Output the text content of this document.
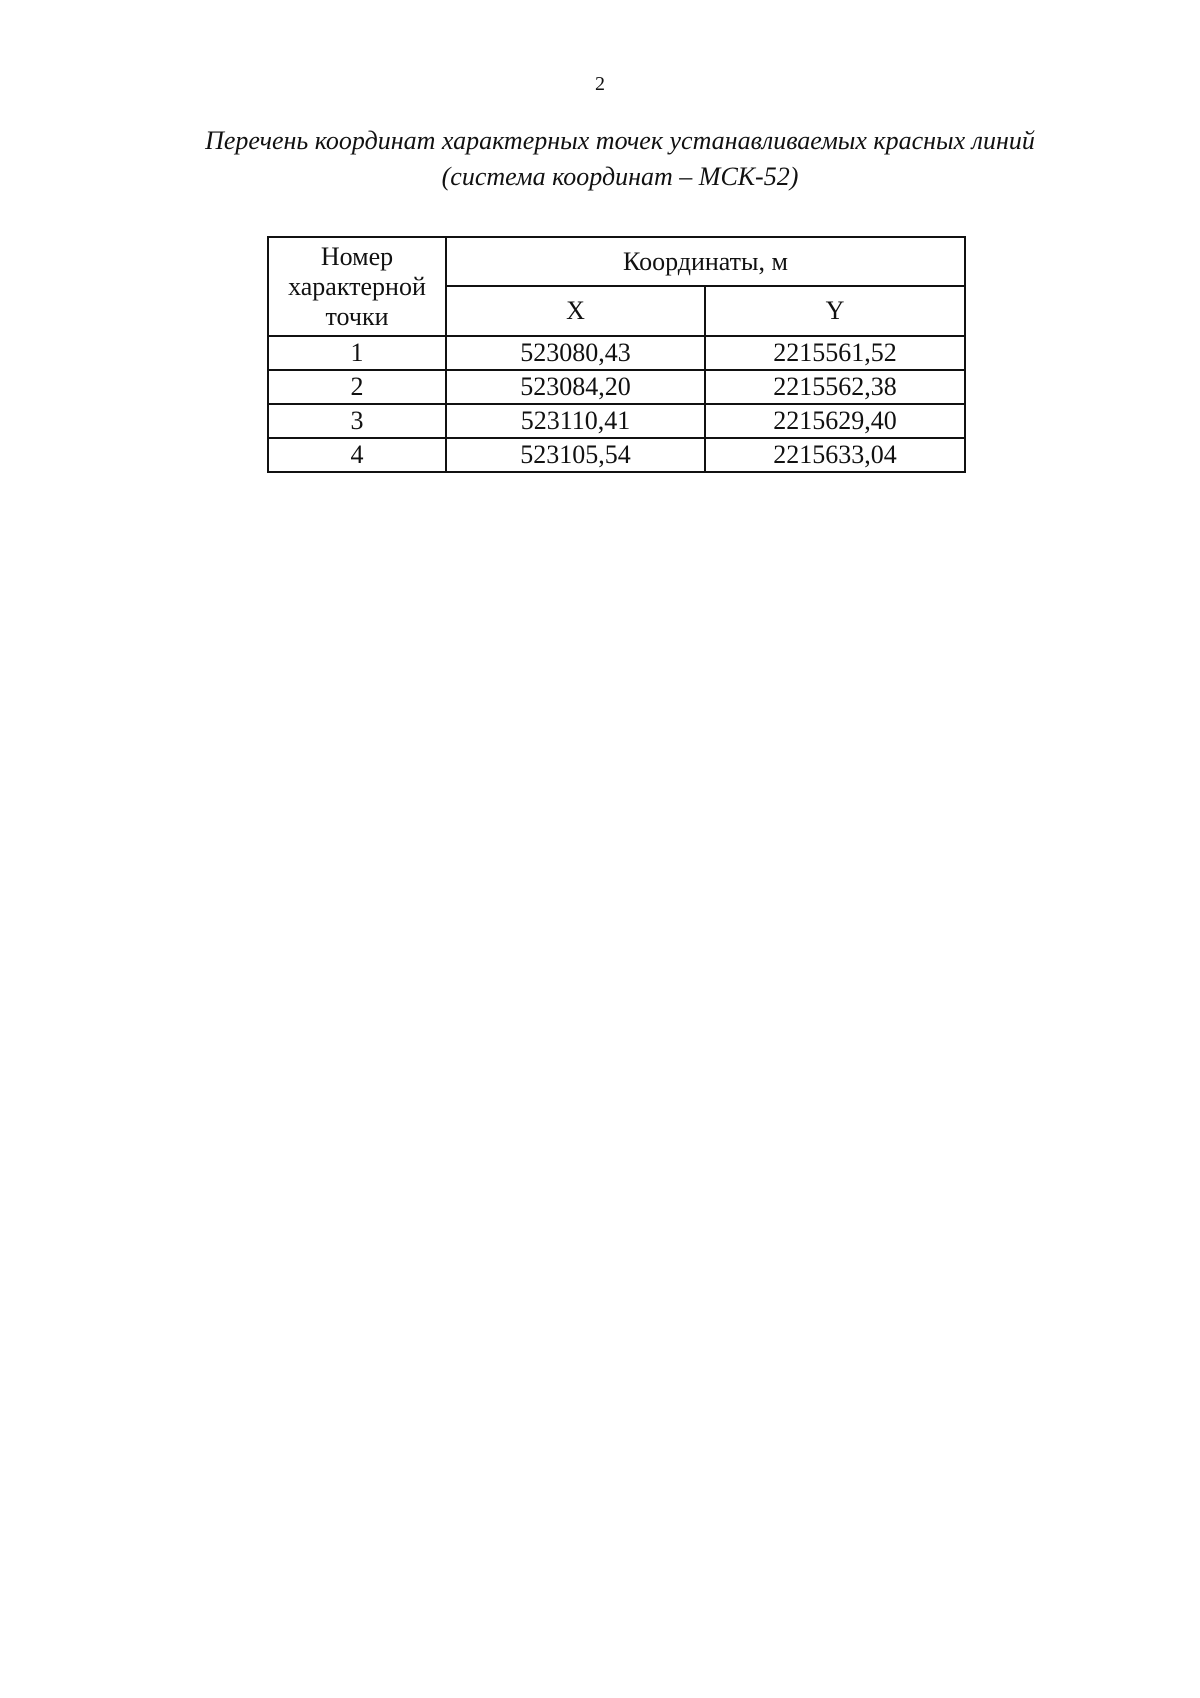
2
Перечень координат характерных точек устанавливаемых красных линий
(система координат – МСК-52)
Номер характерной точки	Координаты, м	
	X	Y
1	523080,43	2215561,52
2	523084,20	2215562,38
3	523110,41	2215629,40
4	523105,54	2215633,04
